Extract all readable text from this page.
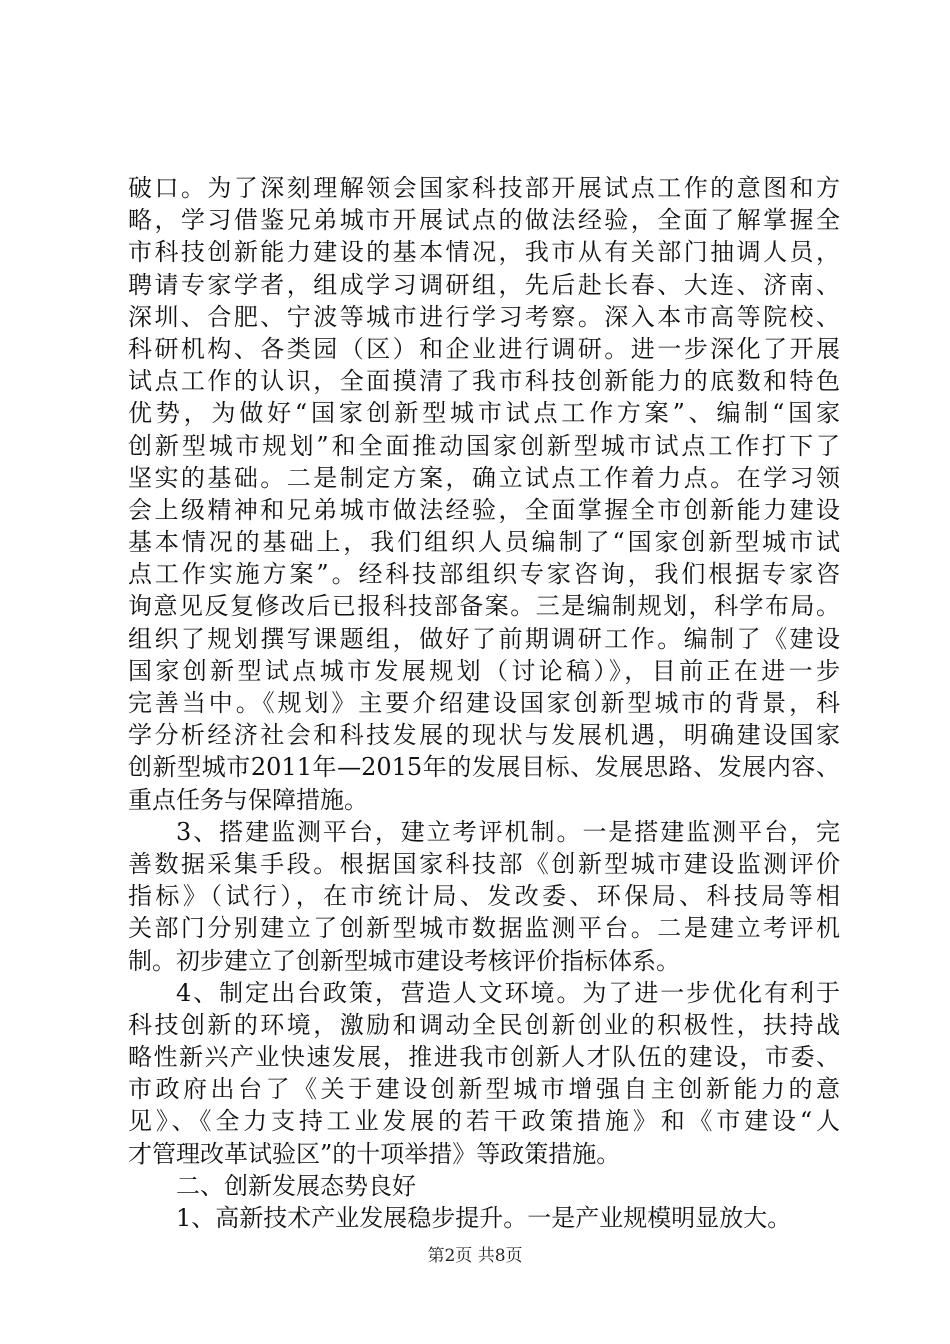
破口。为了深刻理解领会国家科技部开展试点工作的意图和方
略，学习借鉴兄弟城市开展试点的做法经验，全面了解掌握全
市科技创新能力建设的基本情况，我市从有关部门抽调人员，
聘请专家学者，组成学习调研组，先后赴长春、大连、济南、
深圳、合肥、宁波等城市进行学习考察。深入本市高等院校、
科研机构、各类园（区）和企业进行调研。进一步深化了开展
试点工作的认识，全面摸清了我市科技创新能力的底数和特色
优势，为做好“国家创新型城市试点工作方案”、编制“国家
创新型城市规划”和全面推动国家创新型城市试点工作打下了
坚实的基础。二是制定方案，确立试点工作着力点。在学习领
会上级精神和兄弟城市做法经验，全面掌握全市创新能力建设
基本情况的基础上，我们组织人员编制了“国家创新型城市试
点工作实施方案”。经科技部组织专家咨询，我们根据专家咨
询意见反复修改后已报科技部备案。三是编制规划，科学布局。
组织了规划撰写课题组，做好了前期调研工作。编制了《建设
国家创新型试点城市发展规划（讨论稿）》，目前正在进一步
完善当中。《规划》主要介绍建设国家创新型城市的背景，科
学分析经济社会和科技发展的现状与发展机遇，明确建设国家
创新型城市2011年—2015年的发展目标、发展思路、发展内容、
重点任务与保障措施。
3、搭建监测平台，建立考评机制。一是搭建监测平台，完
善数据采集手段。根据国家科技部《创新型城市建设监测评价
指标》（试行），在市统计局、发改委、环保局、科技局等相
关部门分别建立了创新型城市数据监测平台。二是建立考评机
制。初步建立了创新型城市建设考核评价指标体系。
4、制定出台政策，营造人文环境。为了进一步优化有利于
科技创新的环境，激励和调动全民创新创业的积极性，扶持战
略性新兴产业快速发展，推进我市创新人才队伍的建设，市委、
市政府出台了《关于建设创新型城市增强自主创新能力的意
见》、《全力支持工业发展的若干政策措施》和《市建设“人
才管理改革试验区”的十项举措》等政策措施。
二、创新发展态势良好
1、高新技术产业发展稳步提升。一是产业规模明显放大。
第2页 共8页
